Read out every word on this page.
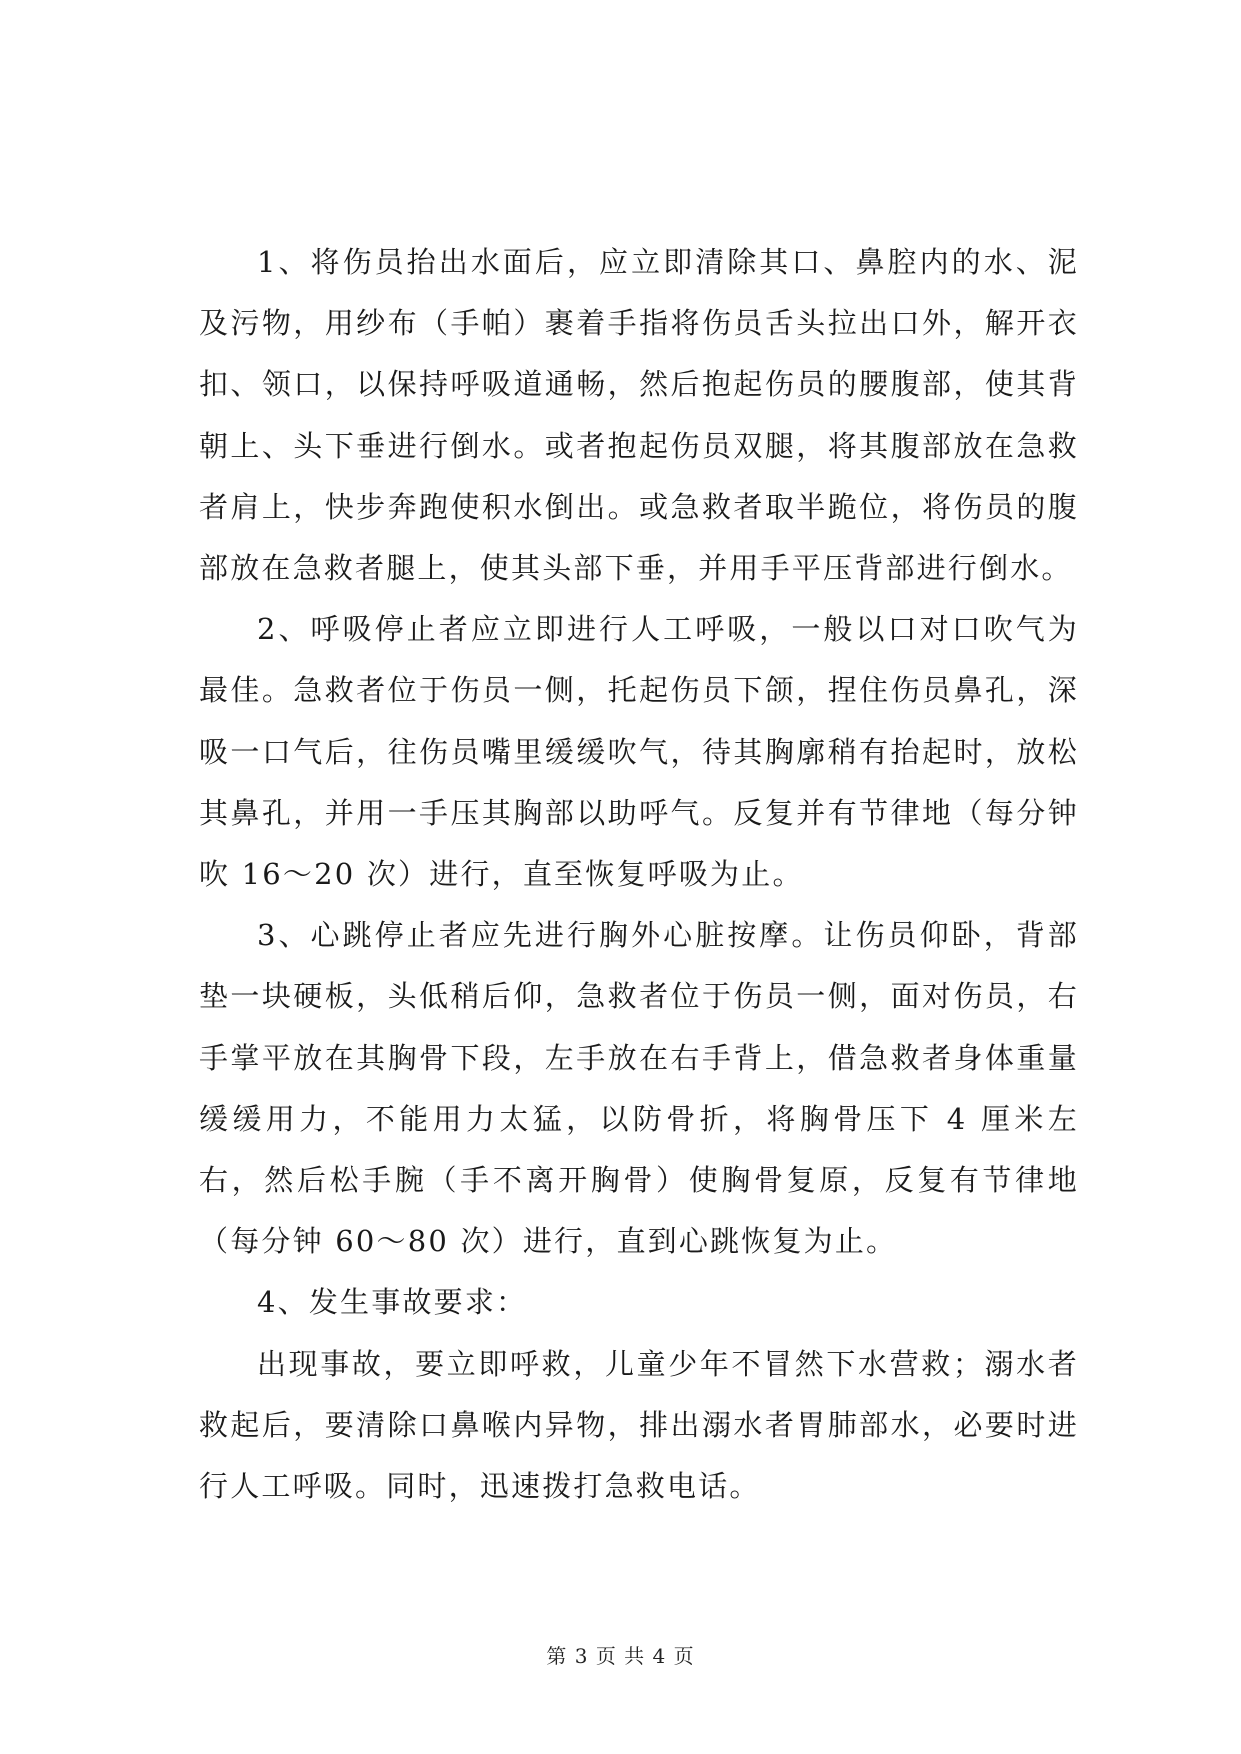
1、将伤员抬出水面后，应立即清除其口、鼻腔内的水、泥及污物，用纱布（手帕）裹着手指将伤员舌头拉出口外，解开衣扣、领口，以保持呼吸道通畅，然后抱起伤员的腰腹部，使其背朝上、头下垂进行倒水。或者抱起伤员双腿，将其腹部放在急救者肩上，快步奔跑使积水倒出。或急救者取半跪位，将伤员的腹部放在急救者腿上，使其头部下垂，并用手平压背部进行倒水。

2、呼吸停止者应立即进行人工呼吸，一般以口对口吹气为最佳。急救者位于伤员一侧，托起伤员下颌，捏住伤员鼻孔，深吸一口气后，往伤员嘴里缓缓吹气，待其胸廓稍有抬起时，放松其鼻孔，并用一手压其胸部以助呼气。反复并有节律地（每分钟吹 16～20 次）进行，直至恢复呼吸为止。

3、心跳停止者应先进行胸外心脏按摩。让伤员仰卧，背部垫一块硬板，头低稍后仰，急救者位于伤员一侧，面对伤员，右手掌平放在其胸骨下段，左手放在右手背上，借急救者身体重量缓缓用力，不能用力太猛，以防骨折，将胸骨压下 4 厘米左右，然后松手腕（手不离开胸骨）使胸骨复原，反复有节律地（每分钟 60～80 次）进行，直到心跳恢复为止。

4、发生事故要求：

出现事故，要立即呼救，儿童少年不冒然下水营救；溺水者救起后，要清除口鼻喉内异物，排出溺水者胃肺部水，必要时进行人工呼吸。同时，迅速拨打急救电话。

第 3 页 共 4 页
